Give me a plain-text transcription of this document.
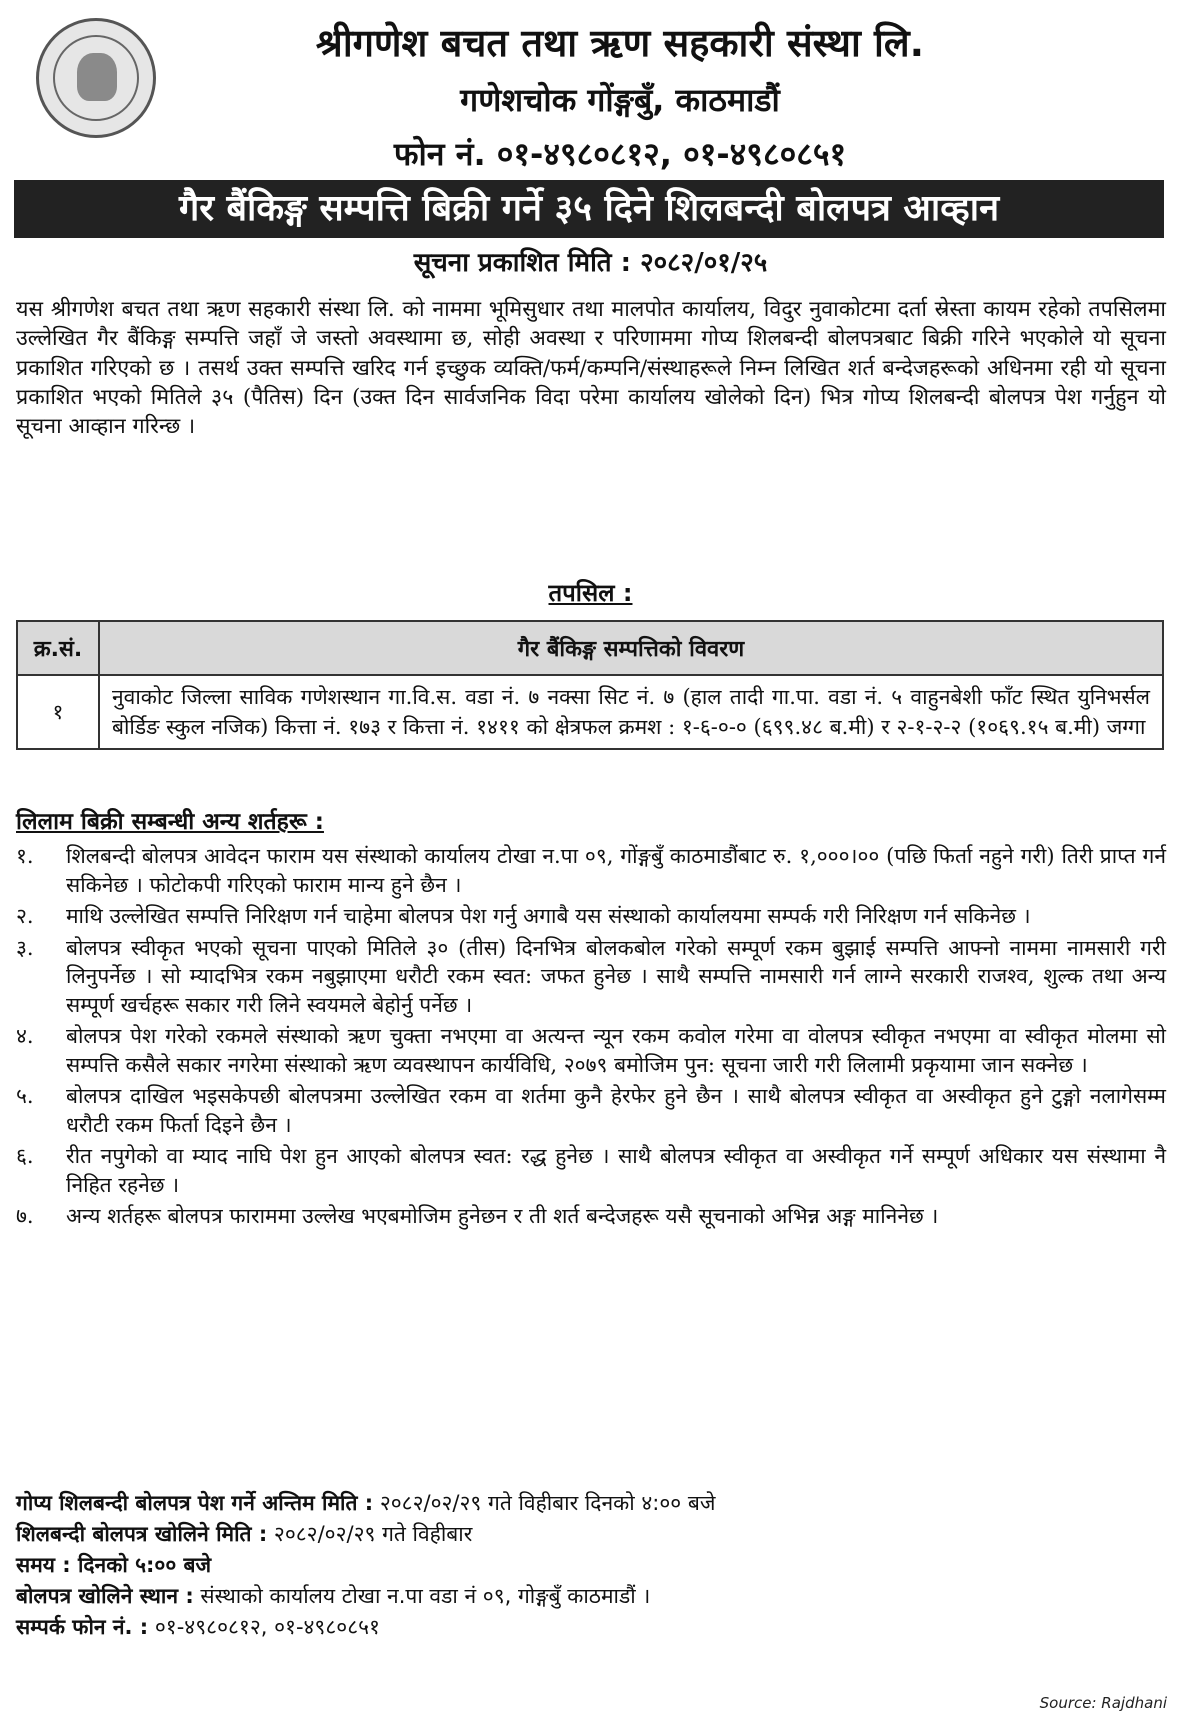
श्रीगणेश बचत तथा ऋण सहकारी संस्था लि.
गणेशचोक गोंङ्गबुँ, काठमाडौं
फोन नं. ०१-४९८०८१२, ०१-४९८०८५१
गैर बैंकिङ्ग सम्पत्ति बिक्री गर्ने ३५ दिने शिलबन्दी बोलपत्र आव्हान
सूचना प्रकाशित मिति : २०८२/०१/२५

यस श्रीगणेश बचत तथा ऋण सहकारी संस्था लि. को नाममा भूमिसुधार तथा मालपोत कार्यालय, विदुर नुवाकोटमा दर्ता स्रेस्ता कायम रहेको तपसिलमा उल्लेखित गैर बैंकिङ्ग सम्पत्ति जहाँ जे जस्तो अवस्थामा छ, सोही अवस्था र परिणाममा गोप्य शिलबन्दी बोलपत्रबाट बिक्री गरिने भएकोले यो सूचना प्रकाशित गरिएको छ । तसर्थ उक्त सम्पत्ति खरिद गर्न इच्छुक व्यक्ति/फर्म/कम्पनि/संस्थाहरूले निम्न लिखित शर्त बन्देजहरूको अधिनमा रही यो सूचना प्रकाशित भएको मितिले ३५ (पैतिस) दिन (उक्त दिन सार्वजनिक विदा परेमा कार्यालय खोलेको दिन) भित्र गोप्य शिलबन्दी बोलपत्र पेश गर्नुहुन यो सूचना आव्हान गरिन्छ ।

तपसिल :
क्र.सं.	गैर बैंकिङ्ग सम्पत्तिको विवरण
१	नुवाकोट जिल्ला साविक गणेशस्थान गा.वि.स. वडा नं. ७ नक्सा सिट नं. ७ (हाल तादी गा.पा. वडा नं. ५ वाहुनबेशी फाँट स्थित युनिभर्सल बोर्डिङ स्कुल नजिक) कित्ता नं. १७३ र कित्ता नं. १४११ को क्षेत्रफल क्रमश : १-६-०-० (६९९.४८ ब.मी) र २-१-२-२ (१०६९.१५ ब.मी) जग्गा
लिलाम बिक्री सम्बन्धी अन्य शर्तहरू :
१.	शिलबन्दी बोलपत्र आवेदन फाराम यस संस्थाको कार्यालय टोखा न.पा ०९, गोंङ्गबुँ काठमाडौंबाट रु. १,०००।०० (पछि फिर्ता नहुने गरी) तिरी प्राप्त गर्न सकिनेछ । फोटोकपी गरिएको फाराम मान्य हुने छैन ।
२.	माथि उल्लेखित सम्पत्ति निरिक्षण गर्न चाहेमा बोलपत्र पेश गर्नु अगाबै यस संस्थाको कार्यालयमा सम्पर्क गरी निरिक्षण गर्न सकिनेछ ।
३.	बोलपत्र स्वीकृत भएको सूचना पाएको मितिले ३० (तीस) दिनभित्र बोलकबोल गरेको सम्पूर्ण रकम बुझाई सम्पत्ति आफ्नो नाममा नामसारी गरी लिनुपर्नेछ । सो म्यादभित्र रकम नबुझाएमा धरौटी रकम स्वत: जफत हुनेछ । साथै सम्पत्ति नामसारी गर्न लाग्ने सरकारी राजश्व, शुल्क तथा अन्य सम्पूर्ण खर्चहरू सकार गरी लिने स्वयमले बेहोर्नु पर्नेछ ।
४.	बोलपत्र पेश गरेको रकमले संस्थाको ऋण चुक्ता नभएमा वा अत्यन्त न्यून रकम कवोल गरेमा वा वोलपत्र स्वीकृत नभएमा वा स्वीकृत मोलमा सो सम्पत्ति कसैले सकार नगरेमा संस्थाको ऋण व्यवस्थापन कार्यविधि, २०७९ बमोजिम पुन: सूचना जारी गरी लिलामी प्रकृयामा जान सक्नेछ ।
५.	बोलपत्र दाखिल भइसकेपछी बोलपत्रमा उल्लेखित रकम वा शर्तमा कुनै हेरफेर हुने छैन । साथै बोलपत्र स्वीकृत वा अस्वीकृत हुने टुङ्गो नलागेसम्म धरौटी रकम फिर्ता दिइने छैन ।
६.	रीत नपुगेको वा म्याद नाघि पेश हुन आएको बोलपत्र स्वत: रद्ध हुनेछ । साथै बोलपत्र स्वीकृत वा अस्वीकृत गर्ने सम्पूर्ण अधिकार यस संस्थामा नै निहित रहनेछ ।
७.	अन्य शर्तहरू बोलपत्र फाराममा उल्लेख भएबमोजिम हुनेछन र ती शर्त बन्देजहरू यसै सूचनाको अभिन्न अङ्ग मानिनेछ ।
गोप्य शिलबन्दी बोलपत्र पेश गर्ने अन्तिम मिति : २०८२/०२/२९ गते विहीबार दिनको ४:०० बजे
शिलबन्दी बोलपत्र खोलिने मिति : २०८२/०२/२९ गते विहीबार
समय : दिनको ५:०० बजे
बोलपत्र खोलिने स्थान : संस्थाको कार्यालय टोखा न.पा वडा नं ०९, गोङ्गबुँ काठमाडौं ।
सम्पर्क फोन नं. : ०१-४९८०८१२, ०१-४९८०८५१
Source: Rajdhani
